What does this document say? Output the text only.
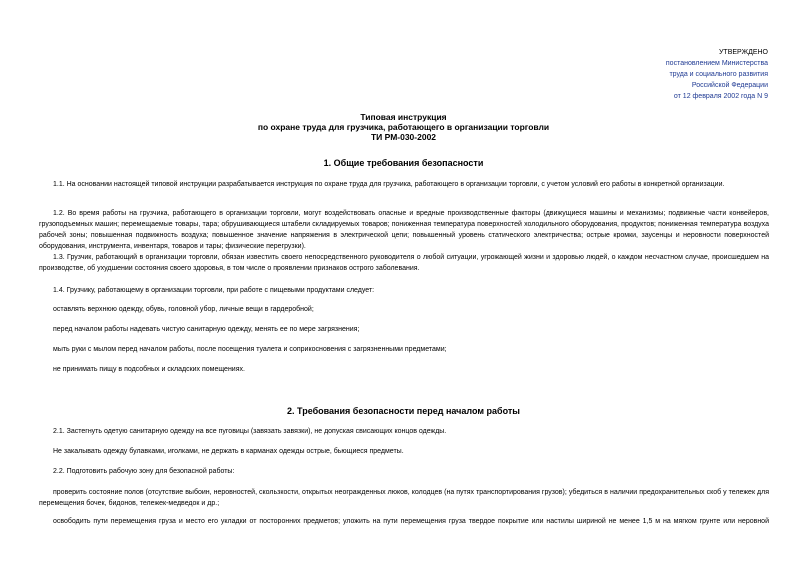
УТВЕРЖДЕНО
постановлением Министерства
труда и социального развития
Российской Федерации
от 12 февраля 2002 года N 9
Типовая инструкция
по охране труда для грузчика, работающего в организации торговли
ТИ РМ-030-2002
1. Общие требования безопасности
1.1. На основании настоящей типовой инструкции разрабатывается инструкция по охране труда для грузчика, работающего в организации торговли, с учетом условий его работы в конкретной организации.
1.2. Во время работы на грузчика, работающего в организации торговли, могут воздействовать опасные и вредные производственные факторы (движущиеся машины и механизмы; подвижные части конвейеров, грузоподъемных машин; перемещаемые товары, тара; обрушивающиеся штабели складируемых товаров; пониженная температура поверхностей холодильного оборудования, продуктов; пониженная температура воздуха рабочей зоны; повышенная подвижность воздуха; повышенное значение напряжения в электрической цепи; повышенный уровень статического электричества; острые кромки, заусенцы и неровности поверхностей оборудования, инструмента, инвентаря, товаров и тары; физические перегрузки).
1.3. Грузчик, работающий в организации торговли, обязан известить своего непосредственного руководителя о любой ситуации, угрожающей жизни и здоровью людей, о каждом несчастном случае, происшедшем на производстве, об ухудшении состояния своего здоровья, в том числе о проявлении признаков острого заболевания.
1.4. Грузчику, работающему в организации торговли, при работе с пищевыми продуктами следует:
оставлять верхнюю одежду, обувь, головной убор, личные вещи в гардеробной;
перед началом работы надевать чистую санитарную одежду, менять ее по мере загрязнения;
мыть руки с мылом перед началом работы, после посещения туалета и соприкосновения с загрязненными предметами;
не принимать пищу в подсобных и складских помещениях.
2. Требования безопасности перед началом работы
2.1. Застегнуть одетую санитарную одежду на все пуговицы (завязать завязки), не допуская свисающих концов одежды.
Не закалывать одежду булавками, иголками, не держать в карманах одежды острые, бьющиеся предметы.
2.2. Подготовить рабочую зону для безопасной работы:
проверить состояние полов (отсутствие выбоин, неровностей, скользкости, открытых неогражденных люков, колодцев (на путях транспортирования грузов); убедиться в наличии предохранительных скоб у тележек для перемещения бочек, бидонов, тележек-медведок и др.;
освободить пути перемещения груза и место его укладки от посторонних предметов; уложить на пути перемещения груза твердое покрытие или настилы шириной не менее 1,5 м на мягком грунте или неровной
